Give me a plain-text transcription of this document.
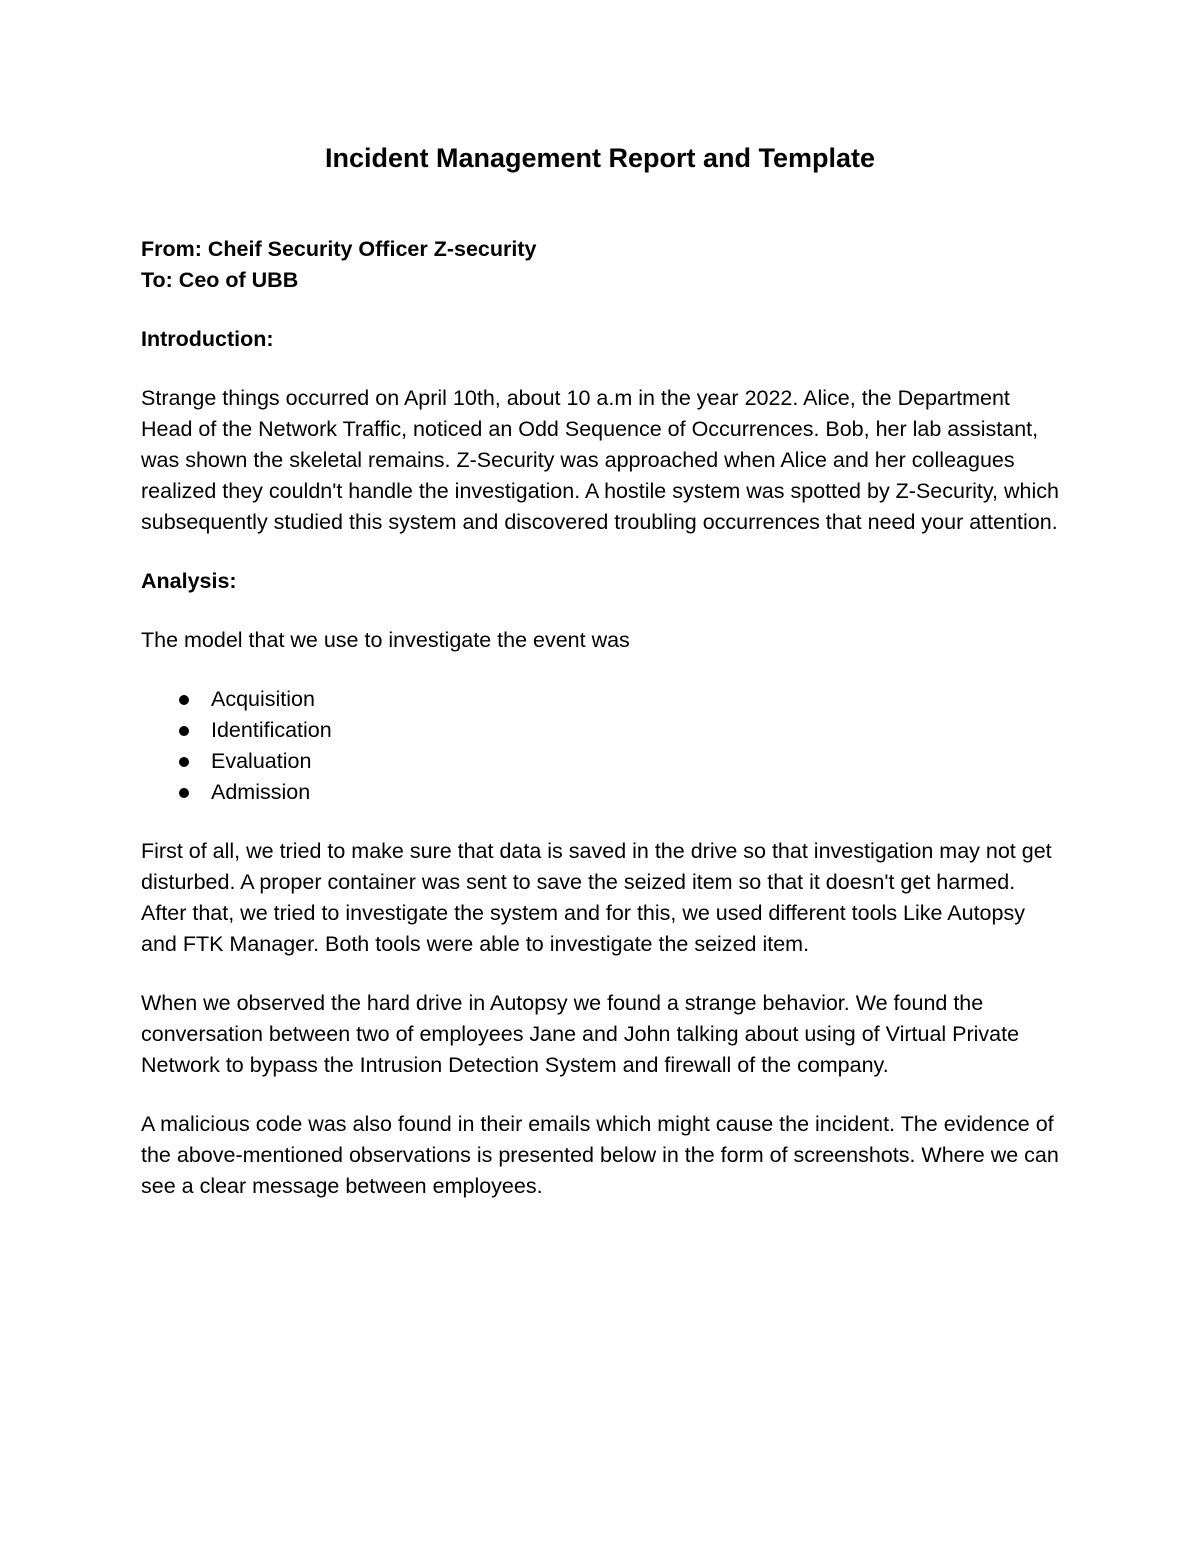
Incident Management Report and Template

From: Cheif Security Officer Z-security

To: Ceo of UBB

Introduction:

Strange things occurred on April 10th, about 10 a.m in the year 2022. Alice, the Department Head of the Network Traffic, noticed an Odd Sequence of Occurrences. Bob, her lab assistant, was shown the skeletal remains. Z-Security was approached when Alice and her colleagues realized they couldn't handle the investigation. A hostile system was spotted by Z-Security, which subsequently studied this system and discovered troubling occurrences that need your attention.

Analysis:

The model that we use to investigate the event was

Acquisition
Identification
Evaluation
Admission

First of all, we tried to make sure that data is saved in the drive so that investigation may not get disturbed. A proper container was sent to save the seized item so that it doesn't get harmed. After that, we tried to investigate the system and for this, we used different tools Like Autopsy and FTK Manager. Both tools were able to investigate the seized item.

When we observed the hard drive in Autopsy we found a strange behavior. We found the conversation between two of employees Jane and John talking about using of Virtual Private Network to bypass the Intrusion Detection System and firewall of the company.

A malicious code was also found in their emails which might cause the incident. The evidence of the above-mentioned observations is presented below in the form of screenshots. Where we can see a clear message between employees.
